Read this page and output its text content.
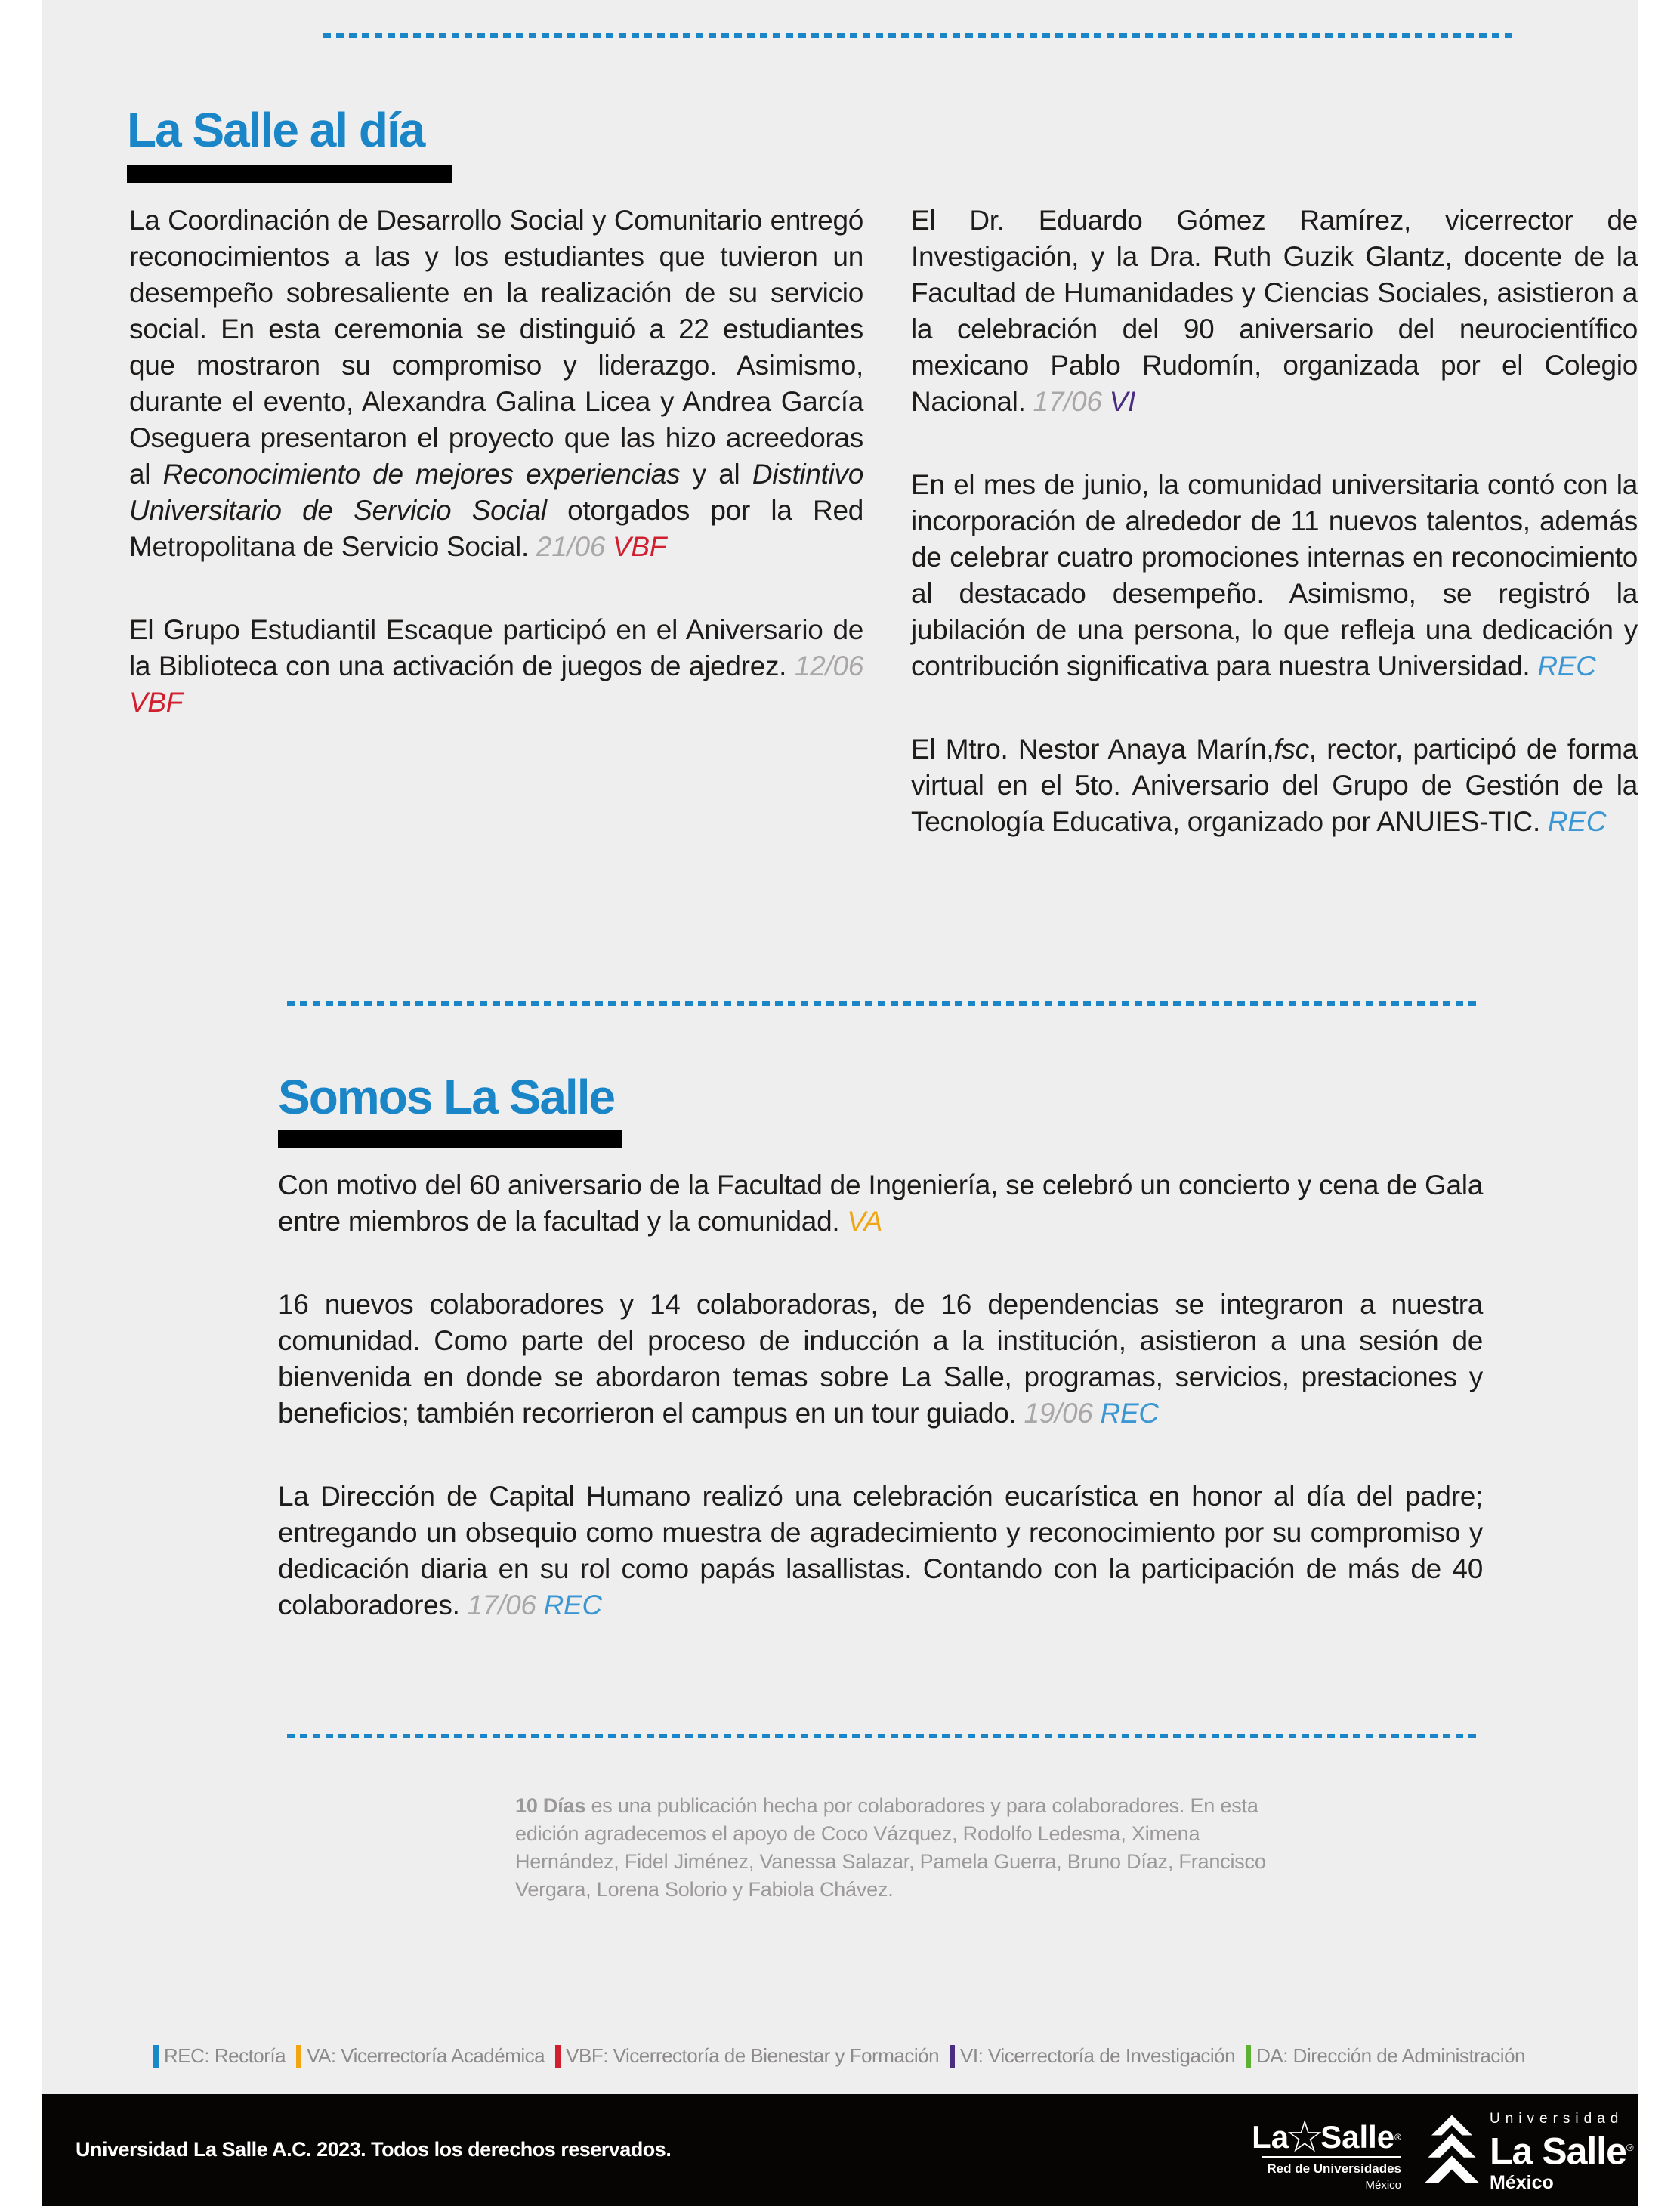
La Salle al día

La Coordinación de Desarrollo Social y Comunitario entregó reconocimientos a las y los estudiantes que tuvieron un desempeño sobresaliente en la realización de su servicio social. En esta ceremonia se distinguió a 22 estudiantes que mostraron su compromiso y liderazgo. Asimismo, durante el evento, Alexandra Galina Licea y Andrea García Oseguera presentaron el proyecto que las hizo acreedoras al Reconocimiento de mejores experiencias y al Distintivo Universitario de Servicio Social otorgados por la Red Metropolitana de Servicio Social. 21/06 VBF

El Grupo Estudiantil Escaque participó en el Aniversario de la Biblioteca con una activación de juegos de ajedrez. 12/06 VBF

El Dr. Eduardo Gómez Ramírez, vicerrector de Investigación, y la Dra. Ruth Guzik Glantz, docente de la Facultad de Humanidades y Ciencias Sociales, asistieron a la celebración del 90 aniversario del neurocientífico mexicano Pablo Rudomín, organizada por el Colegio Nacional. 17/06 VI

En el mes de junio, la comunidad universitaria contó con la incorporación de alrededor de 11 nuevos talentos, además de celebrar cuatro promociones internas en reconocimiento al destacado desempeño. Asimismo, se registró la jubilación de una persona, lo que refleja una dedicación y contribución significativa para nuestra Universidad. REC

El Mtro. Nestor Anaya Marín,fsc, rector, participó de forma virtual en el 5to. Aniversario del Grupo de Gestión de la Tecnología Educativa, organizado por ANUIES-TIC. REC

Somos La Salle

Con motivo del 60 aniversario de la Facultad de Ingeniería, se celebró un concierto y cena de Gala entre miembros de la facultad y la comunidad. VA

16 nuevos colaboradores y 14 colaboradoras, de 16 dependencias se integraron a nuestra comunidad. Como parte del proceso de inducción a la institución, asistieron a una sesión de bienvenida en donde se abordaron temas sobre La Salle, programas, servicios, prestaciones y beneficios; también recorrieron el campus en un tour guiado. 19/06 REC

La Dirección de Capital Humano realizó una celebración eucarística en honor al día del padre; entregando un obsequio como muestra de agradecimiento y reconocimiento por su compromiso y dedicación diaria en su rol como papás lasallistas. Contando con la participación de más de 40 colaboradores. 17/06 REC

10 Días es una publicación hecha por colaboradores y para colaboradores. En esta edición agradecemos el apoyo de Coco Vázquez, Rodolfo Ledesma, Ximena Hernández, Fidel Jiménez, Vanessa Salazar, Pamela Guerra, Bruno Díaz, Francisco Vergara, Lorena Solorio y Fabiola Chávez.
REC: Rectoría VA: Vicerrectoría Académica VBF: Vicerrectoría de Bienestar y Formación VI: Vicerrectoría de Investigación DA: Dirección de Administración
Universidad La Salle A.C. 2023. Todos los derechos reservados.	La
☆
Salle ®
Red de Universidades
México
Universidad
La Salle®
México
